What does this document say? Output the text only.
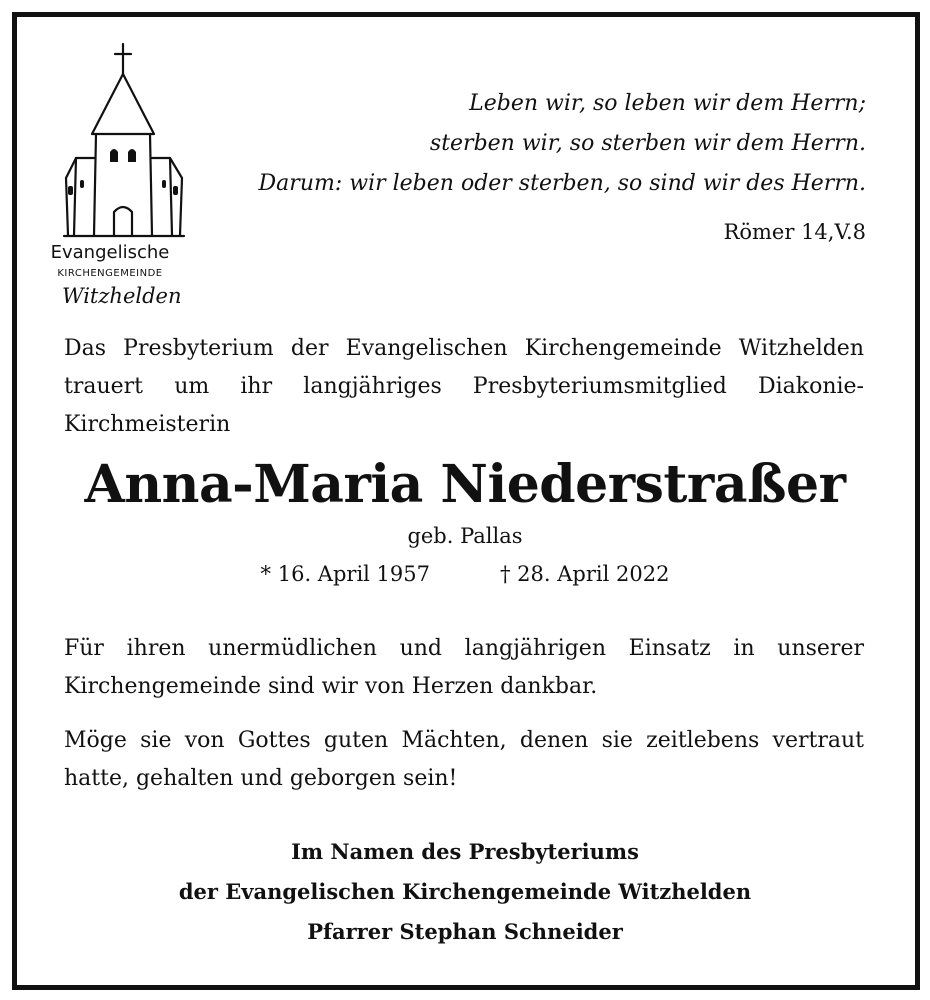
Evangelische
KIRCHENGEMEINDE
Witzhelden
Leben wir, so leben wir dem Herrn;
sterben wir, so sterben wir dem Herrn.
Darum: wir leben oder sterben, so sind wir des Herrn.
Römer 14,V.8
Das Presbyterium der Evangelischen Kirchengemeinde Witzhelden trauert um ihr langjähriges Presbyteriumsmitglied Diakonie-Kirchmeisterin
Anna-Maria Niederstraßer
geb. Pallas
* 16. April 1957	† 28. April 2022
Für ihren unermüdlichen und langjährigen Einsatz in unserer Kirchengemeinde sind wir von Herzen dankbar.
Möge sie von Gottes guten Mächten, denen sie zeitlebens vertraut hatte, gehalten und geborgen sein!
Im Namen des Presbyteriums
der Evangelischen Kirchengemeinde Witzhelden
Pfarrer Stephan Schneider
